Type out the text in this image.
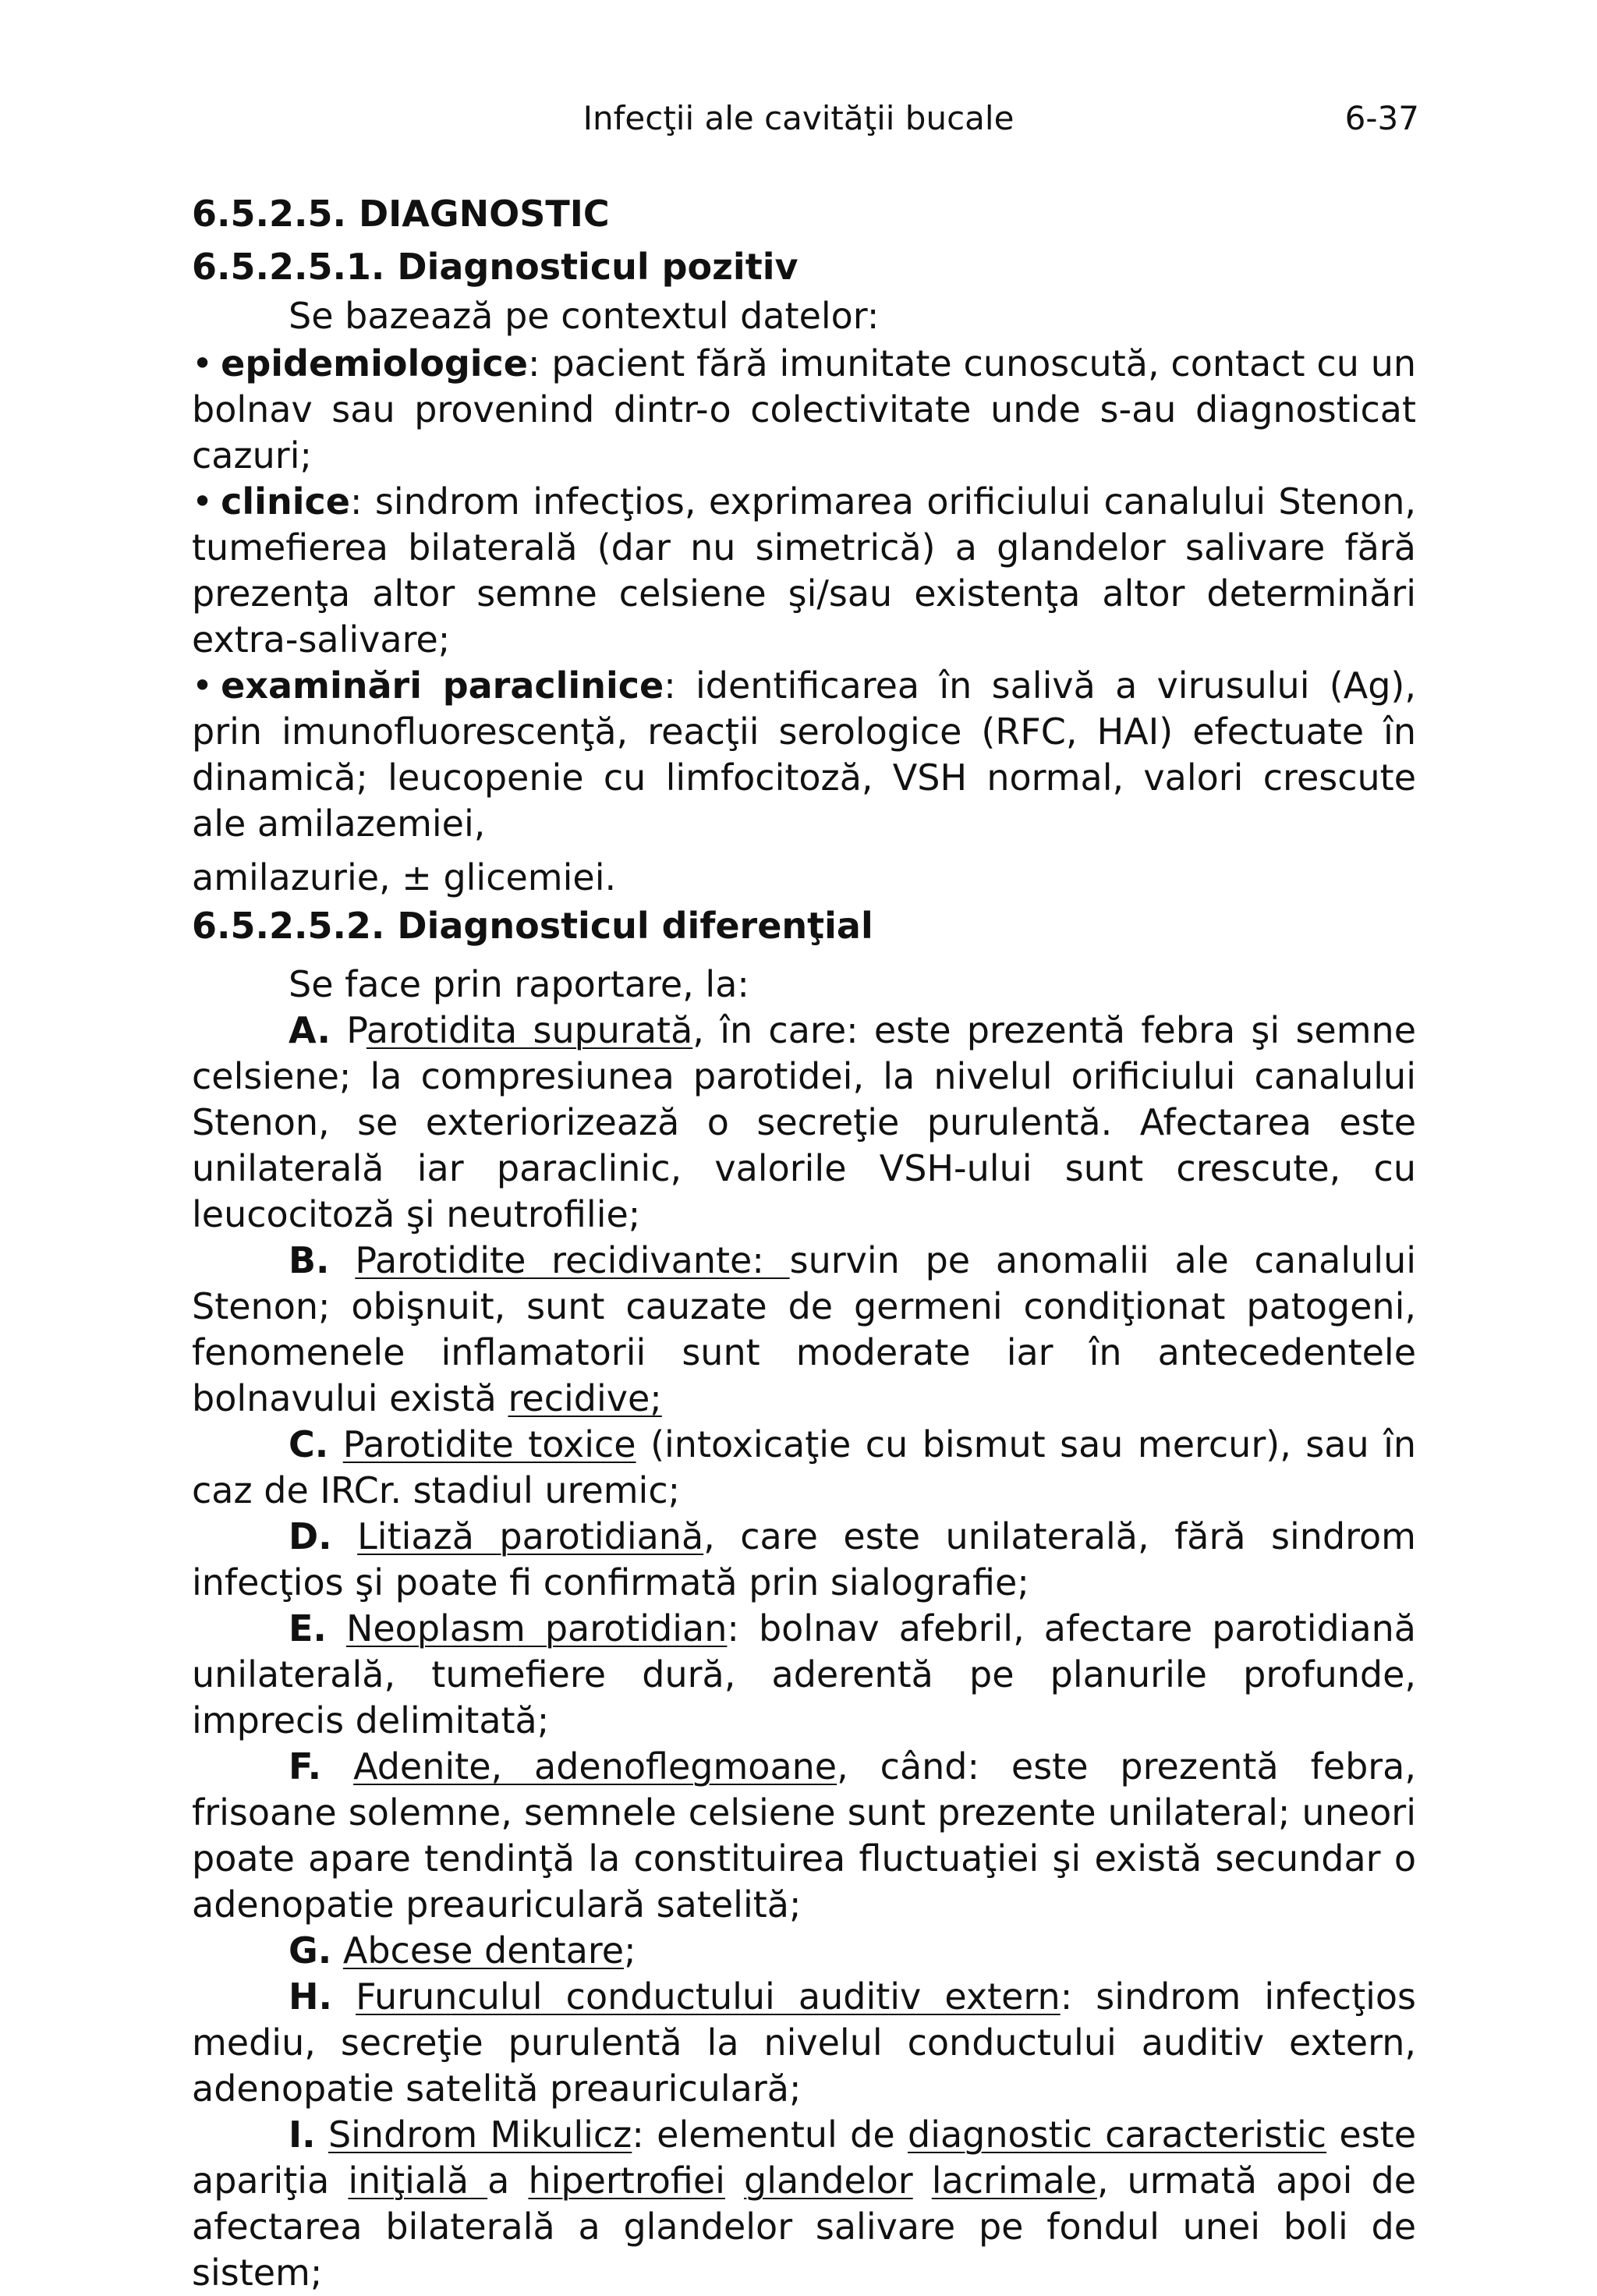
Infecţii ale cavităţii bucale	6-37
6.5.2.5. DIAGNOSTIC
6.5.2.5.1. Diagnosticul pozitiv

Se bazează pe contextul datelor:

• epidemiologice: pacient fără imunitate cunoscută, contact cu un bolnav sau provenind dintr-o colectivitate unde s-au diagnosticat cazuri;

• clinice: sindrom infecţios, exprimarea orificiului canalului Stenon, tumefierea bilaterală (dar nu simetrică) a glandelor salivare fără prezenţa altor semne celsiene şi/sau existenţa altor determinări extra-salivare;

• examinări paraclinice: identificarea în salivă a virusului (Ag), prin imunofluorescenţă, reacţii serologice (RFC, HAI) efectuate în dinamică; leucopenie cu limfocitoză, VSH normal, valori crescute ale amilazemiei,

amilazurie, ± glicemiei.

6.5.2.5.2. Diagnosticul diferenţial

Se face prin raportare, la:

A. Parotidita supurată, în care: este prezentă febra şi semne celsiene; la compresiunea parotidei, la nivelul orificiului canalului Stenon, se exteriorizează o secreţie purulentă. Afectarea este unilaterală iar paraclinic, valorile VSH-ului sunt crescute, cu leucocitoză şi neutrofilie;

B. Parotidite recidivante: survin pe anomalii ale canalului Stenon; obişnuit, sunt cauzate de germeni condiţionat patogeni, fenomenele inflamatorii sunt moderate iar în antecedentele bolnavului există recidive;

C. Parotidite toxice (intoxicaţie cu bismut sau mercur), sau în caz de IRCr. stadiul uremic;

D. Litiază parotidiană, care este unilaterală, fără sindrom infecţios şi poate fi confirmată prin sialografie;

E. Neoplasm parotidian: bolnav afebril, afectare parotidiană unilaterală, tumefiere dură, aderentă pe planurile profunde, imprecis delimitată;

F. Adenite, adenoflegmoane, când: este prezentă febra, frisoane solemne, semnele celsiene sunt prezente unilateral; uneori poate apare tendinţă la constituirea fluctuaţiei şi există secundar o adenopatie preauriculară satelită;

G. Abcese dentare;

H. Furunculul conductului auditiv extern: sindrom infecţios mediu, secreţie purulentă la nivelul conductului auditiv extern, adenopatie satelită preauriculară;

I. Sindrom Mikulicz: elementul de diagnostic caracteristic este apariţia iniţială a hipertrofiei glandelor lacrimale, urmată apoi de afectarea bilaterală a glandelor salivare pe fondul unei boli de sistem;
